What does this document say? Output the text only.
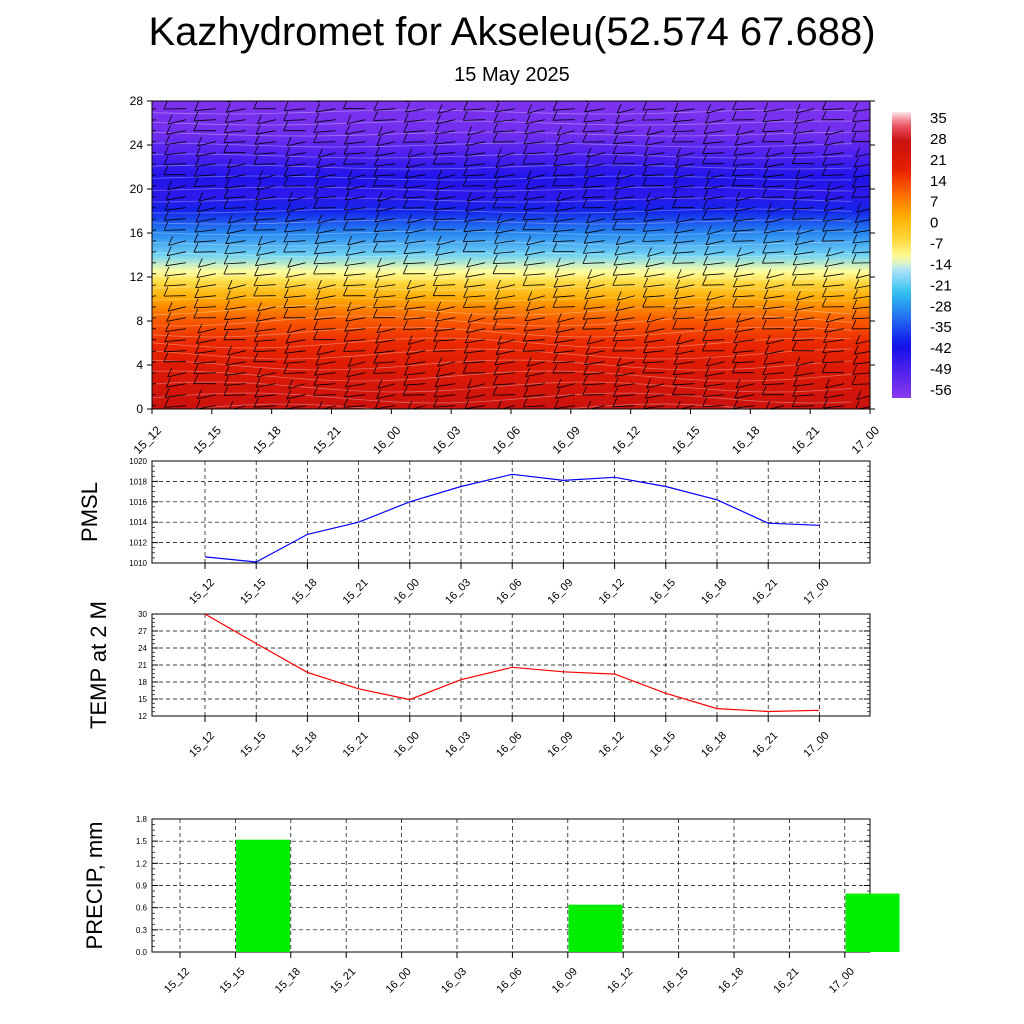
Kazhydromet for Akseleu(52.574 67.688)
15 May 2025
0
4
8
12
16
20
24
28
15_12 15_15 15_18 15_21 16_00 16_03 16_06 16_09 16_12 16_15 16_18 16_21 17_00
35
28
21
14
7
0
-7
-14
-21
-28
-35
-42
-49
-56
1010
1012
1014
1016
1018
1020
15_12 15_15 15_18 15_21 16_00 16_03 16_06 16_09 16_12 16_15 16_18 16_21 17_00
PMSL
12
15
18
21
24
27
30
15_12 15_15 15_18 15_21 16_00 16_03 16_06 16_09 16_12 16_15 16_18 16_21 17_00
TEMP at 2 M
0.0
0.3
0.6
0.9
1.2
1.5
1.8
15_12 15_15 15_18 15_21 16_00 16_03 16_06 16_09 16_12 16_15 16_18 16_21 17_00
PRECIP, mm
